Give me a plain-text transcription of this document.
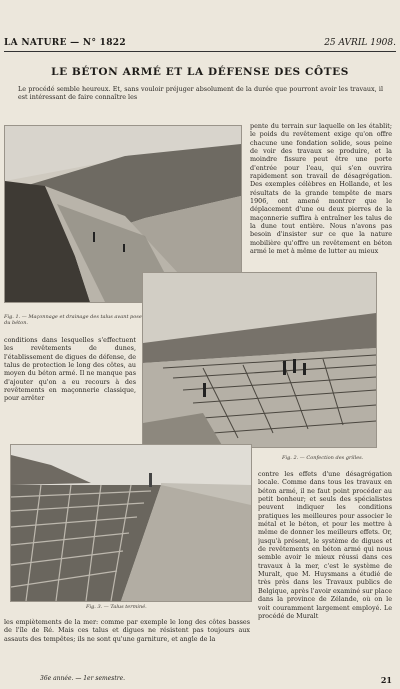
LA NATURE — N° 1822	25 AVRIL 1908.
LE BÉTON ARMÉ ET LA DÉFENSE DES CÔTES
Le procédé semble heureux. Et, sans vouloir préjuger absolument de la durée que pourront avoir les travaux, il est intéressant de faire connaître les
Fig. 1. — Maçonnage et drainage des talus avant pose du béton.
pente du terrain sur laquelle on les établit; le poids du revêtement exige qu'on offre chacune une fondation solide, sous peine de voir des travaux se produire, et la moindre fissure peut être une porte d'entrée pour l'eau, qui s'en ouvrira rapidement son travail de désagrégation. Des exemples célèbres en Hollande, et les résultats de la grande tempête de mars 1906, ont amené montrer que le déplacement d'une ou deux pierres de la maçonnerie suffira à entraîner les talus de la dune tout entière. Nous n'avons pas besoin d'insister sur ce que la nature mobilière qu'offre un revêtement en béton armé le met à même de lutter au mieux
conditions dans lesquelles s'effectuent les revêtements de dunes, l'établissement de digues de défense, de talus de protection le long des côtes, au moyen du béton armé. Il ne manque pas d'ajouter qu'on a eu recours à des revêtements en maçonnerie classique, pour arrêter
Fig. 2. — Confection des grilles.
Fig. 3. — Talus terminé.
contre les effets d'une désagrégation locale. Comme dans tous les travaux en béton armé, il ne faut point procéder au petit bonheur; et seuls des spécialistes peuvent indiquer les conditions pratiques les meilleures pour associer le métal et le béton, et pour les mettre à même de donner les meilleurs effets. Or, jusqu'à présent, le système de digues et de revêtements en béton armé qui nous semble avoir le mieux réussi dans ces travaux à la mer, c'est le système de Muralt, que M. Huysmans a étudié de très près dans les Travaux publics de Belgique, après l'avoir examiné sur place dans la province de Zélande, où on le voit couramment largement employé. Le procédé de Muralt
les empiètements de la mer: comme par exemple le long des côtes basses de l'île de Ré. Mais ces talus et digues ne résistent pas toujours aux assauts des tempêtes; ils ne sont qu'une garniture, et angle de la
36e année. — 1er semestre.	21
